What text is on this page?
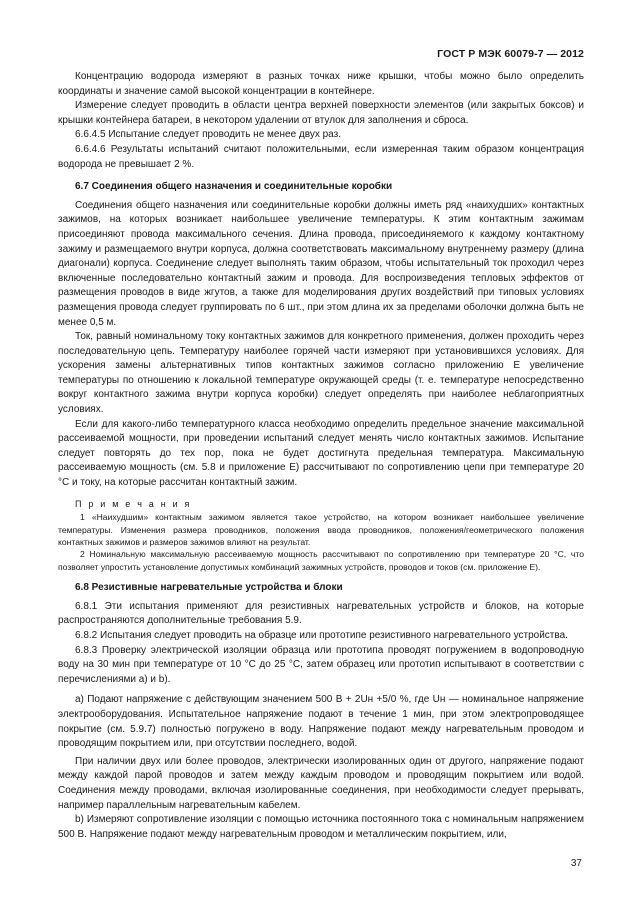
ГОСТ Р МЭК 60079-7 — 2012

Концентрацию водорода измеряют в разных точках ниже крышки, чтобы можно было определить координаты и значение самой высокой концентрации в контейнере.

Измерение следует проводить в области центра верхней поверхности элементов (или закрытых боксов) и крышки контейнера батареи, в некотором удалении от втулок для заполнения и сброса.

6.6.4.5 Испытание следует проводить не менее двух раз.

6.6.4.6 Результаты испытаний считают положительными, если измеренная таким образом концентрация водорода не превышает 2 %.

6.7 Соединения общего назначения и соединительные коробки

Соединения общего назначения или соединительные коробки должны иметь ряд «наихудших» контактных зажимов, на которых возникает наибольшее увеличение температуры. К этим контактным зажимам присоединяют провода максимального сечения. Длина провода, присоединяемого к каждому контактному зажиму и размещаемого внутри корпуса, должна соответствовать максимальному внутреннему размеру (длина диагонали) корпуса. Соединение следует выполнять таким образом, чтобы испытательный ток проходил через включенные последовательно контактный зажим и провода. Для воспроизведения тепловых эффектов от размещения проводов в виде жгутов, а также для моделирования других воздействий при типовых условиях размещения провода следует группировать по 6 шт., при этом длина их за пределами оболочки должна быть не менее 0,5 м.

Ток, равный номинальному току контактных зажимов для конкретного применения, должен проходить через последовательную цепь. Температуру наиболее горячей части измеряют при установившихся условиях. Для ускорения замены альтернативных типов контактных зажимов согласно приложению Е увеличение температуры по отношению к локальной температуре окружающей среды (т. е. температуре непосредственно вокруг контактного зажима внутри корпуса коробки) следует определять при наиболее неблагоприятных условиях.

Если для какого-либо температурного класса необходимо определить предельное значение максимальной рассеиваемой мощности, при проведении испытаний следует менять число контактных зажимов. Испытание следует повторять до тех пор, пока не будет достигнута предельная температура. Максимальную рассеиваемую мощность (см. 5.8 и приложение Е) рассчитывают по сопротивлению цепи при температуре 20 °С и току, на которые рассчитан контактный зажим.

П р и м е ч а н и я

1 «Наихудшим» контактным зажимом является такое устройство, на котором возникает наибольшее увеличение температуры. Изменения размера проводников, положения ввода проводников, положения/геометрического положения контактных зажимов и размеров зажимов влияют на результат.

2 Номинальную максимальную рассеиваемую мощность рассчитывают по сопротивлению при температуре 20 °С, что позволяет упростить установление допустимых комбинаций зажимных устройств, проводов и токов (см. приложение Е).

6.8 Резистивные нагревательные устройства и блоки

6.8.1 Эти испытания применяют для резистивных нагревательных устройств и блоков, на которые распространяются дополнительные требования 5.9.

6.8.2 Испытания следует проводить на образце или прототипе резистивного нагревательного устройства.

6.8.3 Проверку электрической изоляции образца или прототипа проводят погружением в водопроводную воду на 30 мин при температуре от 10 °С до 25 °С, затем образец или прототип испытывают в соответствии с перечислениями а) и b).

а) Подают напряжение с действующим значением 500 В + 2Uн +5/0 %, где Uн — номинальное напряжение электрооборудования. Испытательное напряжение подают в течение 1 мин, при этом электропроводящее покрытие (см. 5.9.7) полностью погружено в воду. Напряжение подают между нагревательным проводом и проводящим покрытием или, при отсутствии последнего, водой.

При наличии двух или более проводов, электрически изолированных один от другого, напряжение подают между каждой парой проводов и затем между каждым проводом и проводящим покрытием или водой. Соединения между проводами, включая изолированные соединения, при необходимости следует прерывать, например параллельным нагревательным кабелем.

b) Измеряют сопротивление изоляции с помощью источника постоянного тока с номинальным напряжением 500 В. Напряжение подают между нагревательным проводом и металлическим покрытием, или,

37
